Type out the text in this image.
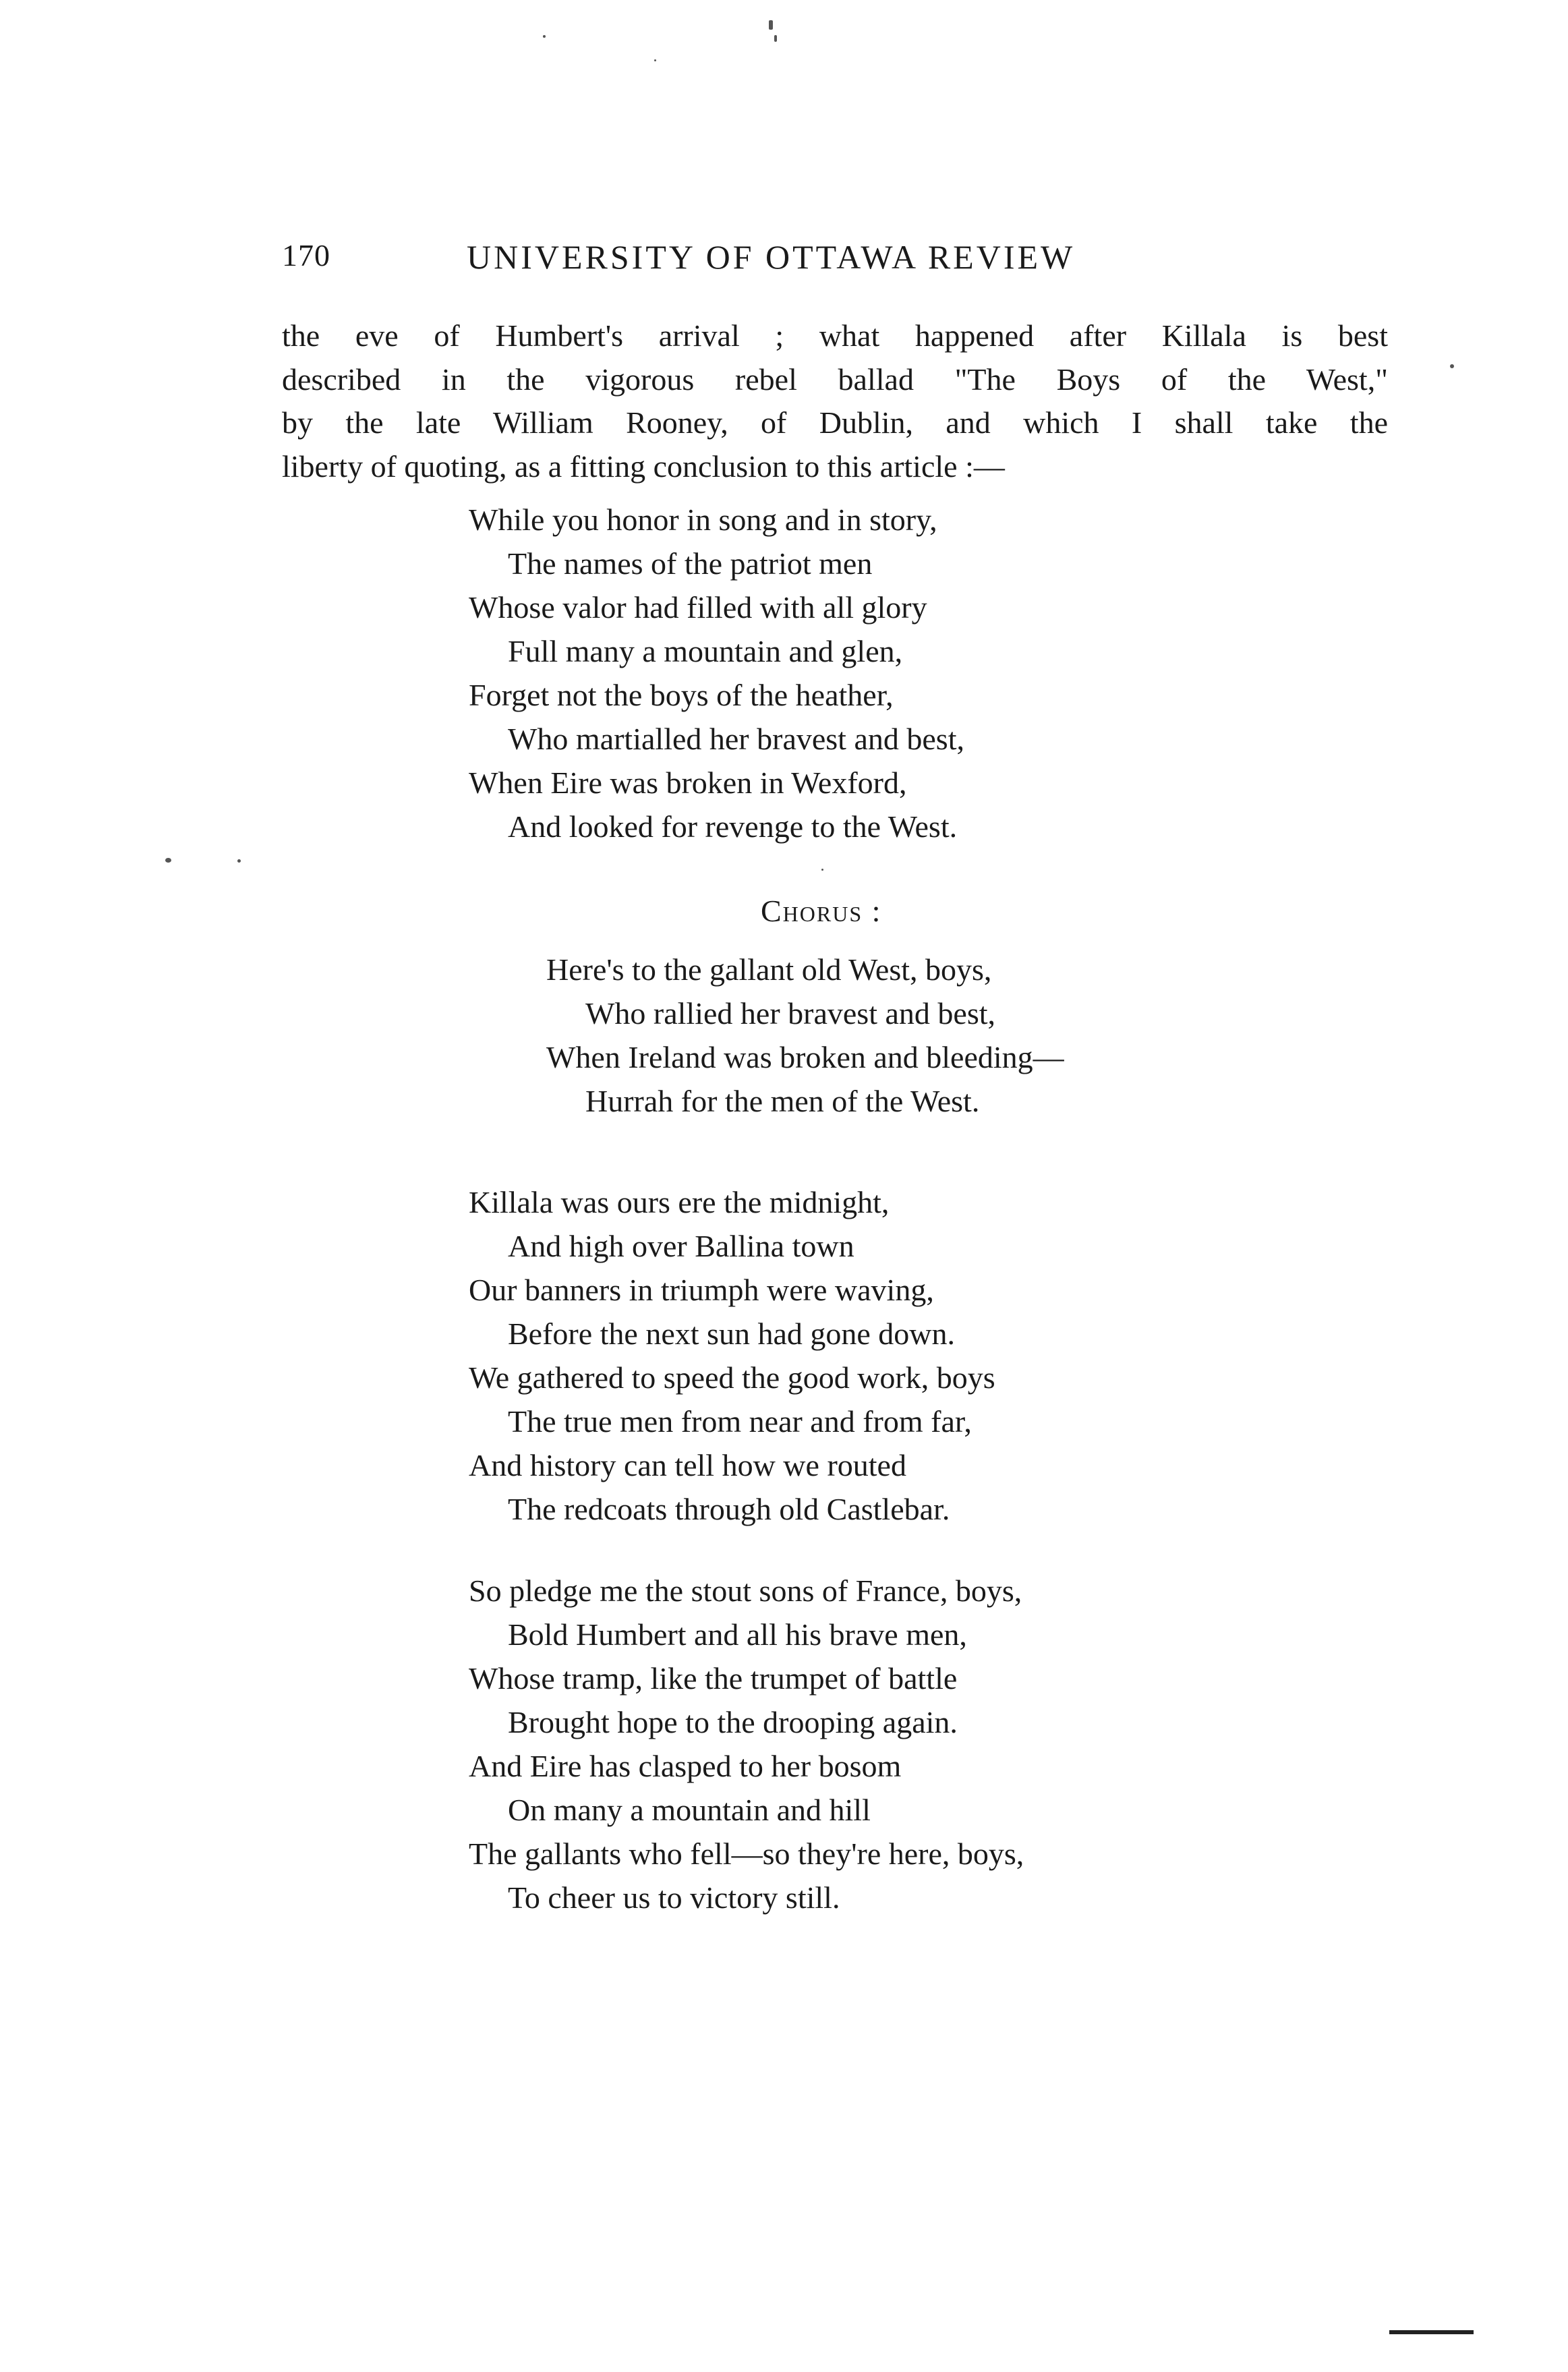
170	UNIVERSITY OF OTTAWA REVIEW
the eve of Humbert's arrival ; what happened after Killala is best
described in the vigorous rebel ballad "The Boys of the West,"
by the late William Rooney, of Dublin, and which I shall take the
liberty of quoting, as a fitting conclusion to this article :—
While you honor in song and in story,
The names of the patriot men
Whose valor had filled with all glory
Full many a mountain and glen,
Forget not the boys of the heather,
Who martialled her bravest and best,
When Eire was broken in Wexford,
And looked for revenge to the West.
Chorus :
Here's to the gallant old West, boys,
Who rallied her bravest and best,
When Ireland was broken and bleeding—
Hurrah for the men of the West.
Killala was ours ere the midnight,
And high over Ballina town
Our banners in triumph were waving,
Before the next sun had gone down.
We gathered to speed the good work, boys
The true men from near and from far,
And history can tell how we routed
The redcoats through old Castlebar.
So pledge me the stout sons of France, boys,
Bold Humbert and all his brave men,
Whose tramp, like the trumpet of battle
Brought hope to the drooping again.
And Eire has clasped to her bosom
On many a mountain and hill
The gallants who fell—so they're here, boys,
To cheer us to victory still.
